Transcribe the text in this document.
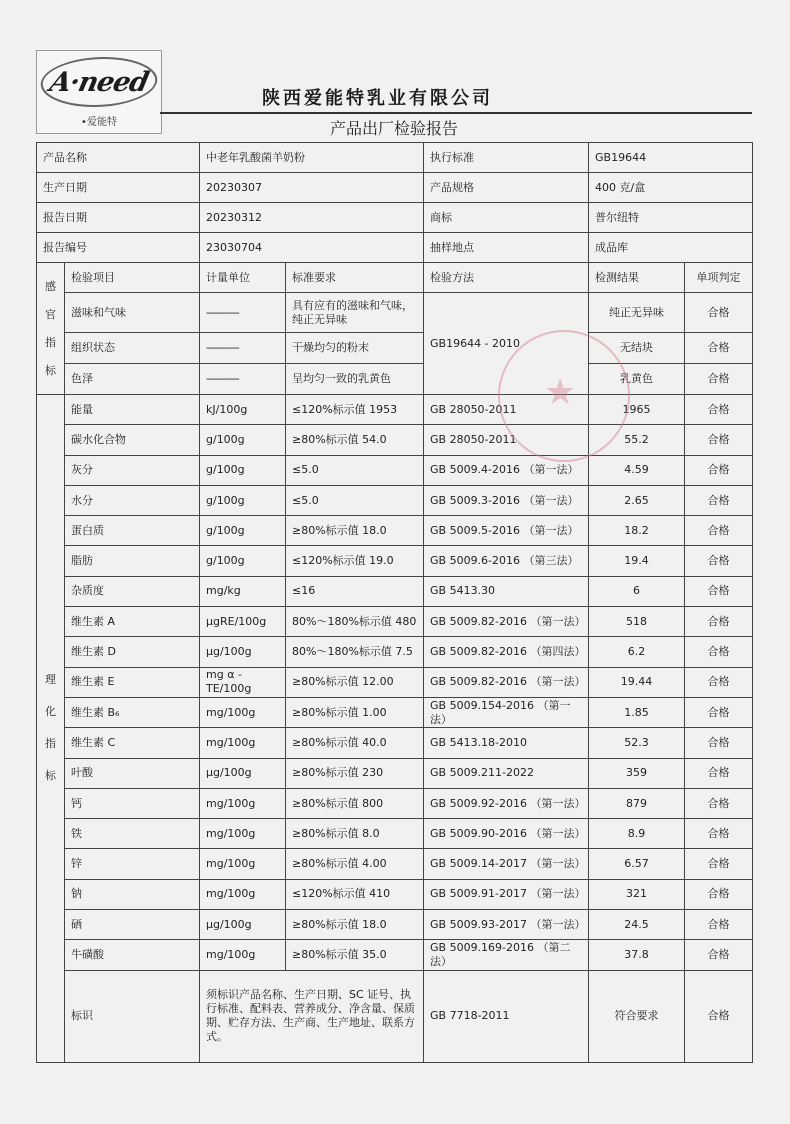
A·need
•爱能特
陕西爱能特乳业有限公司
产品出厂检验报告
产品名称		中老年乳酸菌羊奶粉		执行标准	GB19644	
生产日期		20230307		产品规格	400 克/盒	
报告日期		20230312		商标	普尔纽特	
报告编号		23030704		抽样地点	成品库	

感
官
指
标	检验项目	计量单位	标准要求	检验方法	检测结果	单项判定
	滋味和气味	-----------	具有应有的滋味和气味，纯正无异味	GB19644 - 2010	纯正无异味	合格
	组织状态	-----------	干燥均匀的粉末		无结块	合格
	色泽	-----------	呈均匀一致的乳黄色		乳黄色	合格

理
化
指
标	能量	kJ/100g	≤120%标示值 1953	GB 28050-2011	1965	合格
	碳水化合物	g/100g	≥80%标示值 54.0	GB 28050-2011	55.2	合格
	灰分	g/100g	≤5.0	GB 5009.4-2016 （第一法）	4.59	合格
	水分	g/100g	≤5.0	GB 5009.3-2016 （第一法）	2.65	合格
	蛋白质	g/100g	≥80%标示值 18.0	GB 5009.5-2016 （第一法）	18.2	合格
	脂肪	g/100g	≤120%标示值 19.0	GB 5009.6-2016 （第三法）	19.4	合格
	杂质度	mg/kg	≤16	GB 5413.30	6	合格
	维生素 A	μgRE/100g	80%～180%标示值 480	GB 5009.82-2016 （第一法）	518	合格
	维生素 D	μg/100g	80%～180%标示值 7.5	GB 5009.82-2016 （第四法）	6.2	合格
	维生素 E	mg α -TE/100g	≥80%标示值 12.00	GB 5009.82-2016 （第一法）	19.44	合格
	维生素 B₆	mg/100g	≥80%标示值 1.00	GB 5009.154-2016 （第一法）	1.85	合格
	维生素 C	mg/100g	≥80%标示值 40.0	GB 5413.18-2010	52.3	合格
	叶酸	μg/100g	≥80%标示值 230	GB 5009.211-2022	359	合格
	钙	mg/100g	≥80%标示值 800	GB 5009.92-2016 （第一法）	879	合格
	铁	mg/100g	≥80%标示值 8.0	GB 5009.90-2016 （第一法）	8.9	合格
	锌	mg/100g	≥80%标示值 4.00	GB 5009.14-2017 （第一法）	6.57	合格
	钠	mg/100g	≤120%标示值 410	GB 5009.91-2017 （第一法）	321	合格
	硒	μg/100g	≥80%标示值 18.0	GB 5009.93-2017 （第一法）	24.5	合格
	牛磺酸	mg/100g	≥80%标示值 35.0	GB 5009.169-2016 （第二法）	37.8	合格
	标识	须标识产品名称、生产日期、SC 证号、执行标准、配料表、营养成分、净含量、保质期、贮存方法、生产商、生产地址、联系方式。		GB 7718-2011	符合要求	合格
★
